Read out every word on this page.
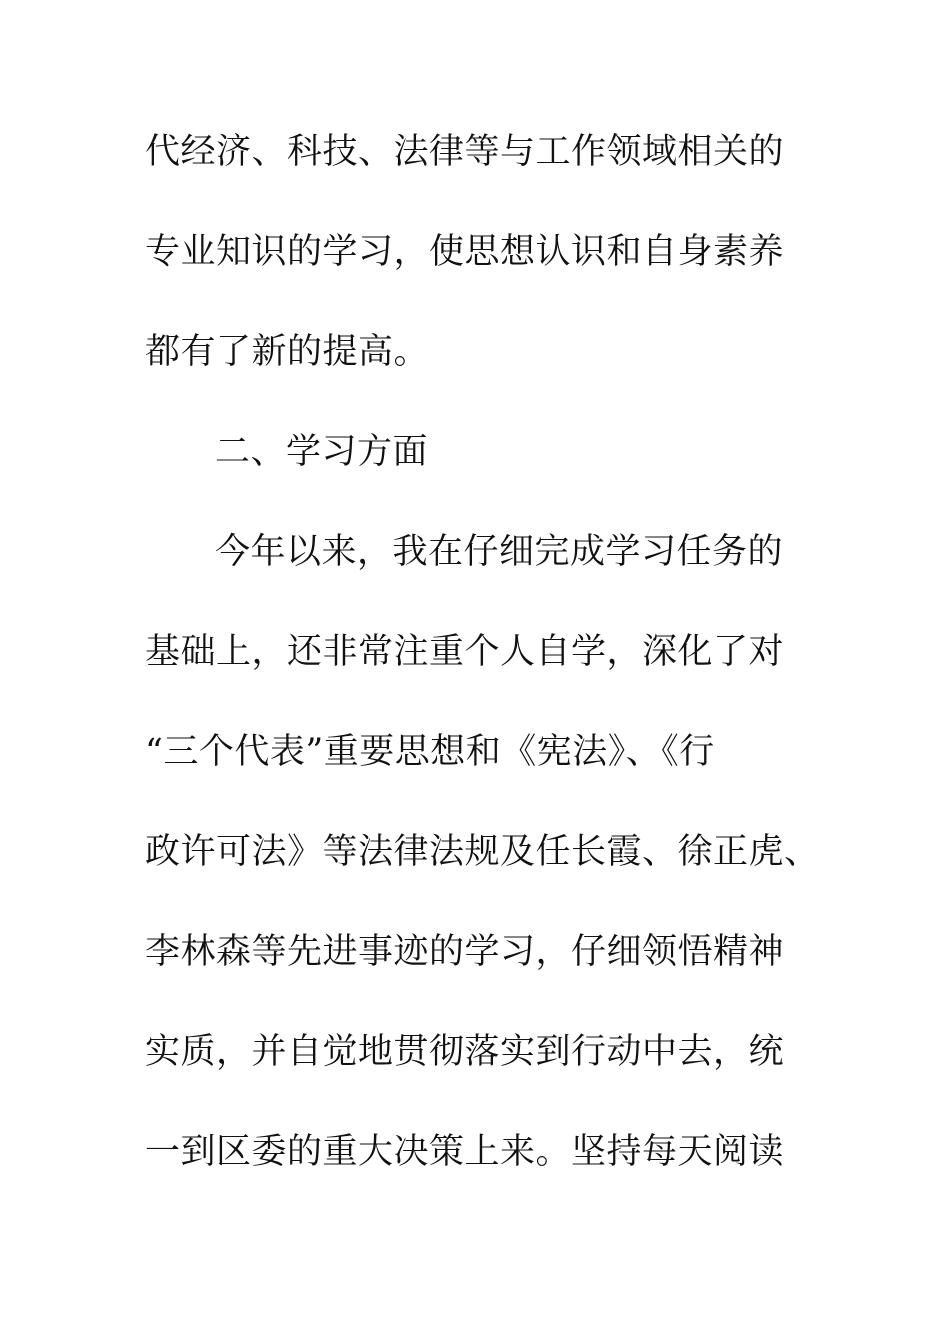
代经济、科技、法律等与工作领域相关的
专业知识的学习，使思想认识和自身素养
都有了新的提高。
二、学习方面
今年以来，我在仔细完成学习任务的
基础上，还非常注重个人自学，深化了对
“三个代表”重要思想和《宪法》、《行
政许可法》等法律法规及任长霞、徐正虎、
李林森等先进事迹的学习，仔细领悟精神
实质，并自觉地贯彻落实到行动中去，统
一到区委的重大决策上来。坚持每天阅读
